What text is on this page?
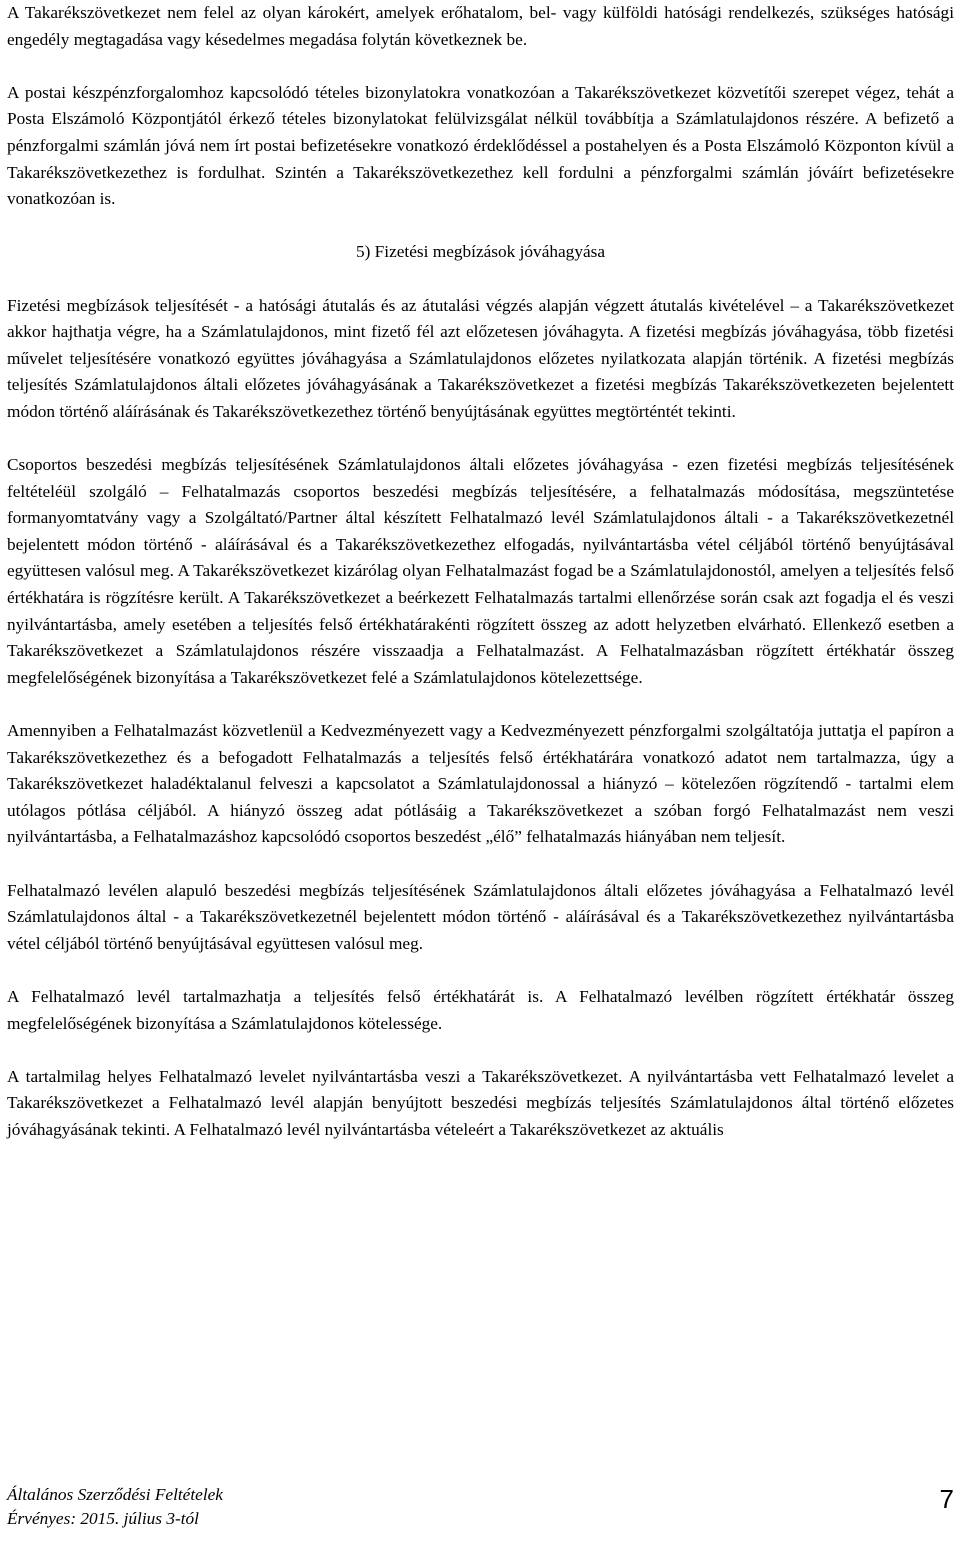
A Takarékszövetkezet nem felel az olyan károkért, amelyek erőhatalom, bel- vagy külföldi hatósági rendelkezés, szükséges hatósági engedély megtagadása vagy késedelmes megadása folytán következnek be.

A postai készpénzforgalomhoz kapcsolódó tételes bizonylatokra vonatkozóan a Takarékszövetkezet közvetítői szerepet végez, tehát a Posta Elszámoló Központjától érkező tételes bizonylatokat felülvizsgálat nélkül továbbítja a Számlatulajdonos részére. A befizető a pénzforgalmi számlán jóvá nem írt postai befizetésekre vonatkozó érdeklődéssel a postahelyen és a Posta Elszámoló Központon kívül a Takarékszövetkezethez is fordulhat. Szintén a Takarékszövetkezethez kell fordulni a pénzforgalmi számlán jóváírt befizetésekre vonatkozóan is.

5) Fizetési megbízások jóváhagyása

Fizetési megbízások teljesítését - a hatósági átutalás és az átutalási végzés alapján végzett átutalás kivételével – a Takarékszövetkezet akkor hajthatja végre, ha a Számlatulajdonos, mint fizető fél azt előzetesen jóváhagyta. A fizetési megbízás jóváhagyása, több fizetési művelet teljesítésére vonatkozó együttes jóváhagyása a Számlatulajdonos előzetes nyilatkozata alapján történik. A fizetési megbízás teljesítés Számlatulajdonos általi előzetes jóváhagyásának a Takarékszövetkezet a fizetési megbízás Takarékszövetkezeten bejelentett módon történő aláírásának és Takarékszövetkezethez történő benyújtásának együttes megtörténtét tekinti.

Csoportos beszedési megbízás teljesítésének Számlatulajdonos általi előzetes jóváhagyása - ezen fizetési megbízás teljesítésének feltételéül szolgáló – Felhatalmazás csoportos beszedési megbízás teljesítésére, a felhatalmazás módosítása, megszüntetése formanyomtatvány vagy a Szolgáltató/Partner által készített Felhatalmazó levél Számlatulajdonos általi - a Takarékszövetkezetnél bejelentett módon történő - aláírásával és a Takarékszövetkezethez elfogadás, nyilvántartásba vétel céljából történő benyújtásával együttesen valósul meg. A Takarékszövetkezet kizárólag olyan Felhatalmazást fogad be a Számlatulajdonostól, amelyen a teljesítés felső értékhatára is rögzítésre került. A Takarékszövetkezet a beérkezett Felhatalmazás tartalmi ellenőrzése során csak azt fogadja el és veszi nyilvántartásba, amely esetében a teljesítés felső értékhatárakénti rögzített összeg az adott helyzetben elvárható. Ellenkező esetben a Takarékszövetkezet a Számlatulajdonos részére visszaadja a Felhatalmazást. A Felhatalmazásban rögzített értékhatár összeg megfelelőségének bizonyítása a Takarékszövetkezet felé a Számlatulajdonos kötelezettsége.

Amennyiben a Felhatalmazást közvetlenül a Kedvezményezett vagy a Kedvezményezett pénzforgalmi szolgáltatója juttatja el papíron a Takarékszövetkezethez és a befogadott Felhatalmazás a teljesítés felső értékhatárára vonatkozó adatot nem tartalmazza, úgy a Takarékszövetkezet haladéktalanul felveszi a kapcsolatot a Számlatulajdonossal a hiányzó – kötelezően rögzítendő - tartalmi elem utólagos pótlása céljából. A hiányzó összeg adat pótlásáig a Takarékszövetkezet a szóban forgó Felhatalmazást nem veszi nyilvántartásba, a Felhatalmazáshoz kapcsolódó csoportos beszedést „élő” felhatalmazás hiányában nem teljesít.

Felhatalmazó levélen alapuló beszedési megbízás teljesítésének Számlatulajdonos általi előzetes jóváhagyása a Felhatalmazó levél Számlatulajdonos által - a Takarékszövetkezetnél bejelentett módon történő - aláírásával és a Takarékszövetkezethez nyilvántartásba vétel céljából történő benyújtásával együttesen valósul meg.

A Felhatalmazó levél tartalmazhatja a teljesítés felső értékhatárát is. A Felhatalmazó levélben rögzített értékhatár összeg megfelelőségének bizonyítása a Számlatulajdonos kötelessége.

A tartalmilag helyes Felhatalmazó levelet nyilvántartásba veszi a Takarékszövetkezet. A nyilvántartásba vett Felhatalmazó levelet a Takarékszövetkezet a Felhatalmazó levél alapján benyújtott beszedési megbízás teljesítés Számlatulajdonos által történő előzetes jóváhagyásának tekinti. A Felhatalmazó levél nyilvántartásba vételeért a Takarékszövetkezet az aktuális

Általános Szerződési Feltételek
Érvényes: 2015. július 3-tól
7
